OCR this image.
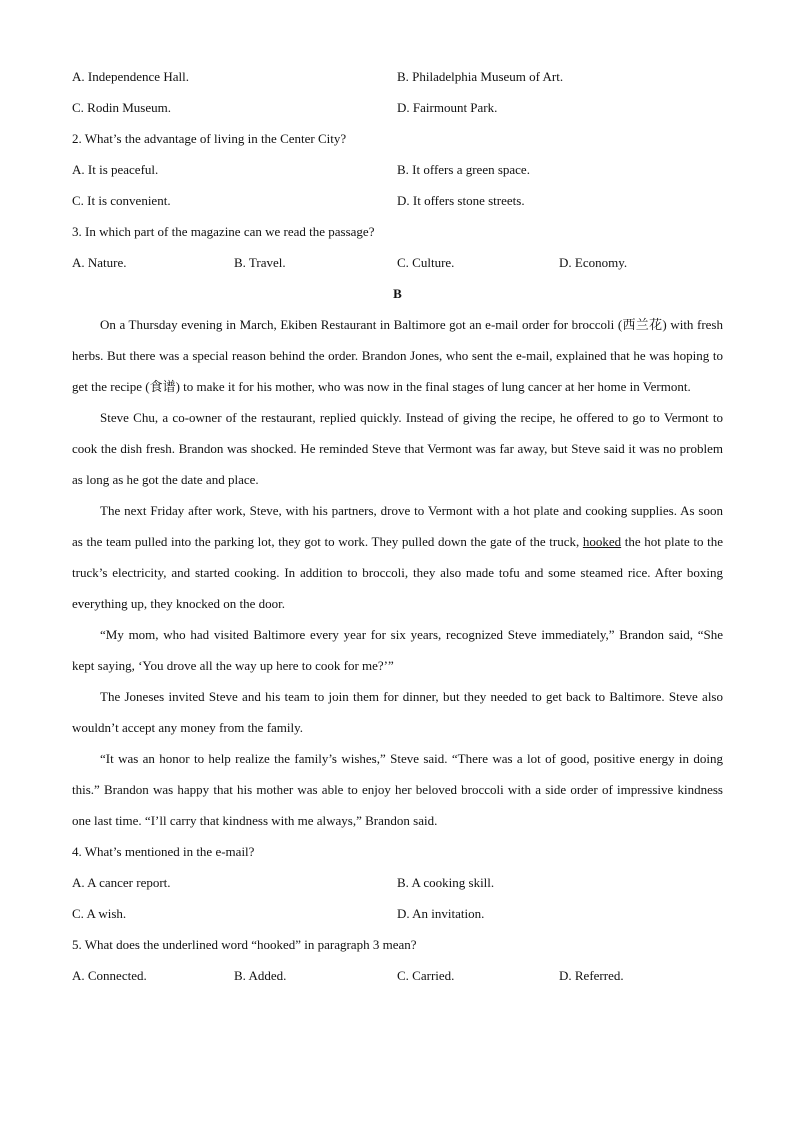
A. Independence Hall.	B. Philadelphia Museum of Art.
C. Rodin Museum.	D. Fairmount Park.
2. What’s the advantage of living in the Center City?
A. It is peaceful.	B. It offers a green space.
C. It is convenient.	D. It offers stone streets.
3. In which part of the magazine can we read the passage?
A. Nature.	B. Travel.	C. Culture.	D. Economy.
B
On a Thursday evening in March, Ekiben Restaurant in Baltimore got an e-mail order for broccoli (西兰花) with fresh herbs. But there was a special reason behind the order. Brandon Jones, who sent the e-mail, explained that he was hoping to get the recipe (食谱) to make it for his mother, who was now in the final stages of lung cancer at her home in Vermont.
Steve Chu, a co-owner of the restaurant, replied quickly. Instead of giving the recipe, he offered to go to Vermont to cook the dish fresh. Brandon was shocked. He reminded Steve that Vermont was far away, but Steve said it was no problem as long as he got the date and place.
The next Friday after work, Steve, with his partners, drove to Vermont with a hot plate and cooking supplies. As soon as the team pulled into the parking lot, they got to work. They pulled down the gate of the truck, hooked the hot plate to the truck’s electricity, and started cooking. In addition to broccoli, they also made tofu and some steamed rice. After boxing everything up, they knocked on the door.
“My mom, who had visited Baltimore every year for six years, recognized Steve immediately,” Brandon said, “She kept saying, ‘You drove all the way up here to cook for me?’”
The Joneses invited Steve and his team to join them for dinner, but they needed to get back to Baltimore. Steve also wouldn’t accept any money from the family.
“It was an honor to help realize the family’s wishes,” Steve said. “There was a lot of good, positive energy in doing this.” Brandon was happy that his mother was able to enjoy her beloved broccoli with a side order of impressive kindness one last time. “I’ll carry that kindness with me always,” Brandon said.
4. What’s mentioned in the e-mail?
A. A cancer report.	B. A cooking skill.
C. A wish.	D. An invitation.
5. What does the underlined word “hooked” in paragraph 3 mean?
A. Connected.	B. Added.	C. Carried.	D. Referred.
